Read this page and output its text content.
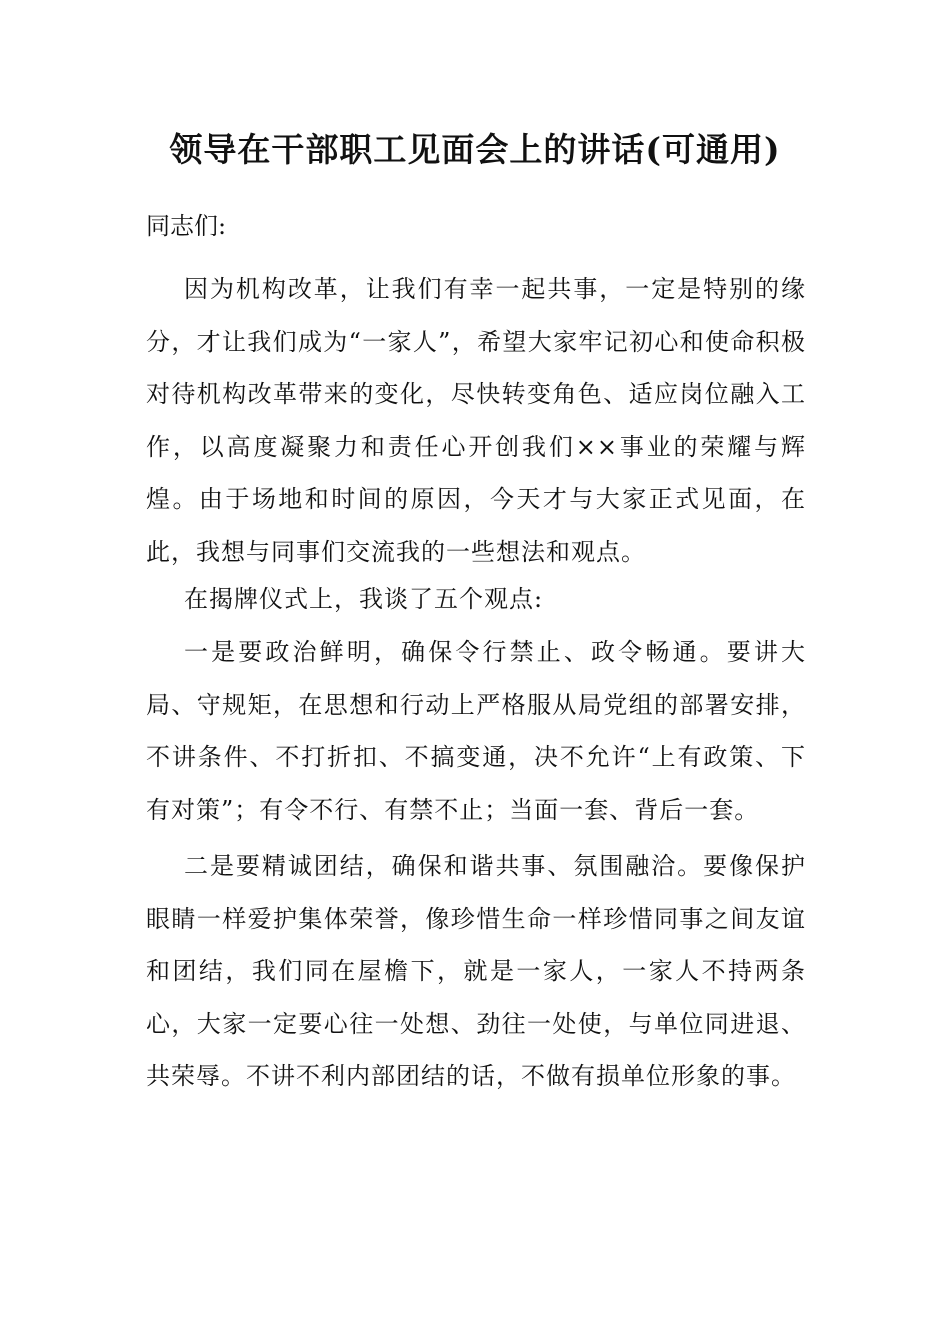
领导在干部职工见面会上的讲话(可通用)
同志们:

因为机构改革，让我们有幸一起共事，一定是特别的缘分，才让我们成为“一家人”，希望大家牢记初心和使命积极对待机构改革带来的变化，尽快转变角色、适应岗位融入工作，以高度凝聚力和责任心开创我们××事业的荣耀与辉煌。由于场地和时间的原因，今天才与大家正式见面，在此，我想与同事们交流我的一些想法和观点。

在揭牌仪式上，我谈了五个观点:

一是要政治鲜明，确保令行禁止、政令畅通。要讲大局、守规矩，在思想和行动上严格服从局党组的部署安排，不讲条件、不打折扣、不搞变通，决不允许“上有政策、下有对策”；有令不行、有禁不止；当面一套、背后一套。

二是要精诚团结，确保和谐共事、氛围融洽。要像保护眼睛一样爱护集体荣誉，像珍惜生命一样珍惜同事之间友谊和团结，我们同在屋檐下，就是一家人，一家人不持两条心，大家一定要心往一处想、劲往一处使，与单位同进退、共荣辱。不讲不利内部团结的话，不做有损单位形象的事。
